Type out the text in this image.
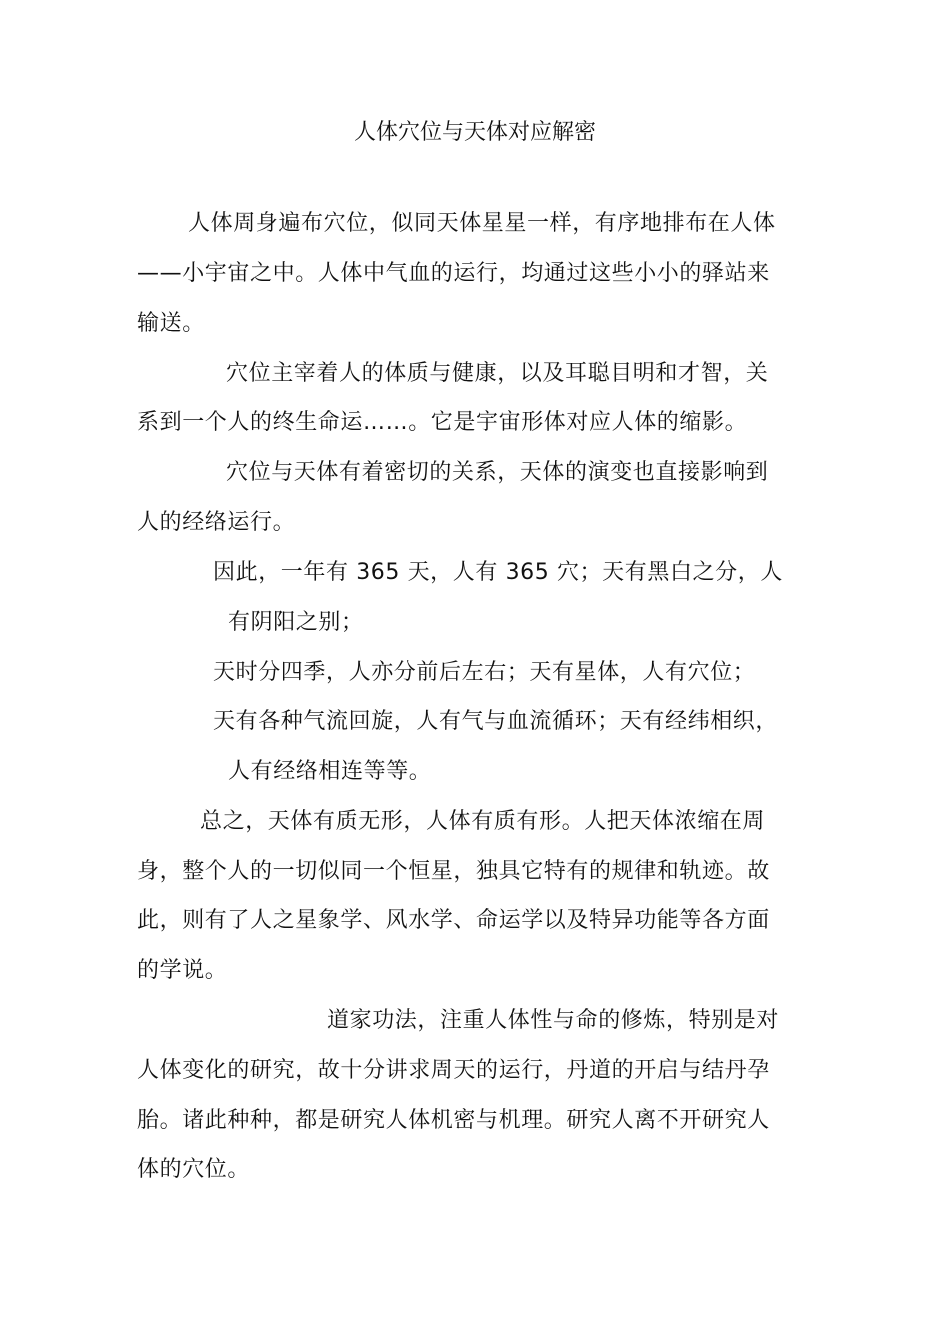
人体穴位与天体对应解密
人体周身遍布穴位，似同天体星星一样，有序地排布在人体
——小宇宙之中。人体中气血的运行，均通过这些小小的驿站来
输送。
穴位主宰着人的体质与健康，以及耳聪目明和才智，关
系到一个人的终生命运……。它是宇宙形体对应人体的缩影。
穴位与天体有着密切的关系，天体的演变也直接影响到
人的经络运行。
因此，一年有 365 天，人有 365 穴；天有黑白之分，人
有阴阳之别；
天时分四季，人亦分前后左右；天有星体，人有穴位；
天有各种气流回旋，人有气与血流循环；天有经纬相织，
人有经络相连等等。
总之，天体有质无形，人体有质有形。人把天体浓缩在周
身，整个人的一切似同一个恒星，独具它特有的规律和轨迹。故
此，则有了人之星象学、风水学、命运学以及特异功能等各方面
的学说。
道家功法，注重人体性与命的修炼，特别是对
人体变化的研究，故十分讲求周天的运行，丹道的开启与结丹孕
胎。诸此种种，都是研究人体机密与机理。研究人离不开研究人
体的穴位。
